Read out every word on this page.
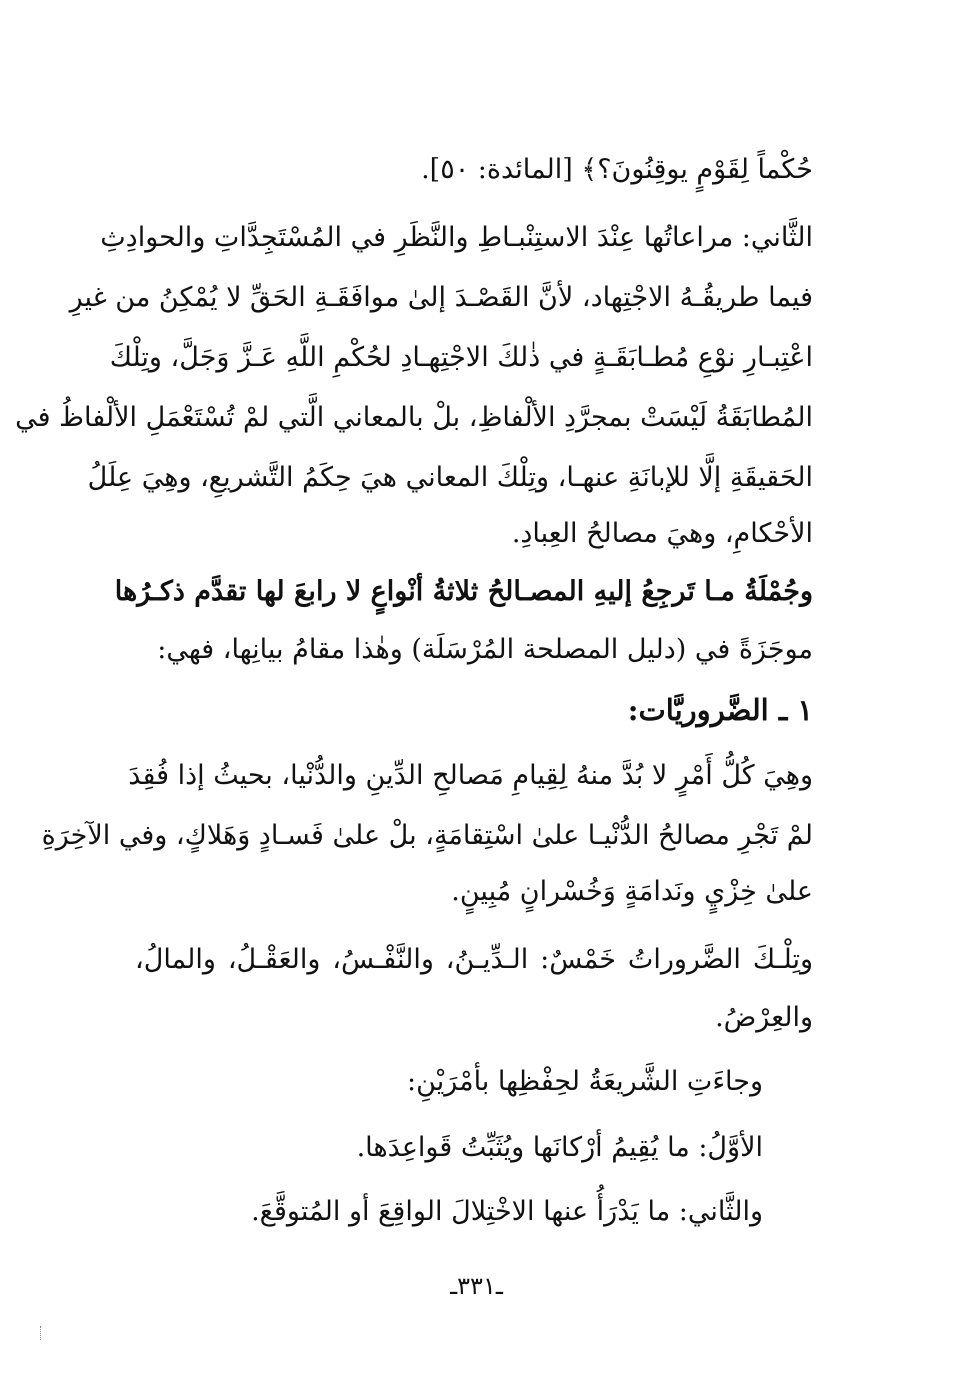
حُكْماً لِقَوْمٍ يوقِنُونَ؟﴾ [المائدة: ٥٠].
الثَّاني: مراعاتُها عِنْدَ الاستِنْبـاطِ والنَّظَرِ في المُسْتَجِدَّاتِ والحوادِثِ
فيما طريقُـهُ الاجْتِهاد، لأنَّ القَصْـدَ إلىٰ موافَقَـةِ الحَقِّ لا يُمْكِنُ من غيرِ
اعْتِبـارِ نوْعِ مُطـابَقَـةٍ في ذٰلكَ الاجْتِهـادِ لحُكْمِ اللَّهِ عَـزَّ وَجَلَّ، وتِلْكَ
المُطابَقَةُ لَيْسَتْ بمجرَّدِ الألْفاظِ، بلْ بالمعاني الَّتي لمْ تُسْتَعْمَلِ الألْفاظُ في
الحَقيقَةِ إلَّا للإبانَةِ عنهـا، وتِلْكَ المعاني هيَ حِكَمُ التَّشريعِ، وهِيَ عِلَلُ
الأحْكامِ، وهيَ مصالحُ العِبادِ.
وجُمْلَةُ مـا تَرجِعُ إليهِ المصـالحُ ثلاثةُ أنْواعٍ لا رابعَ لها تقدَّم ذكـرُها
موجَزَةً في (دليل المصلحة المُرْسَلَة) وهٰذا مقامُ بيانِها، فهي:
١ ـ الضَّروريَّات:
وهِيَ كُلُّ أَمْرٍ لا بُدَّ منهُ لِقِيامِ مَصالحِ الدِّينِ والدُّنْيا، بحيثُ إذا فُقِدَ
لمْ تَجْرِ مصالحُ الدُّنْيـا علىٰ اسْتِقامَةٍ، بلْ علىٰ فَسـادٍ وَهَلاكٍ، وفي الآخِرَةِ
علىٰ خِزْيٍ ونَدامَةٍ وَخُسْرانٍ مُبِينٍ.
وتِلْـكَ الضَّروراتُ خَمْسٌ: الـدِّيـنُ، والنَّفْـسُ، والعَقْـلُ، والمالُ،
والعِرْضُ.
وجاءَتِ الشَّريعَةُ لحِفْظِها بأمْرَيْنِ:
الأوَّلُ: ما يُقِيمُ أرْكانَها ويُثَبِّتُ قَواعِدَها.
والثَّاني: ما يَدْرَأُ عنها الاخْتِلالَ الواقِعَ أو المُتوقَّعَ.
ـ٣٣١ـ
